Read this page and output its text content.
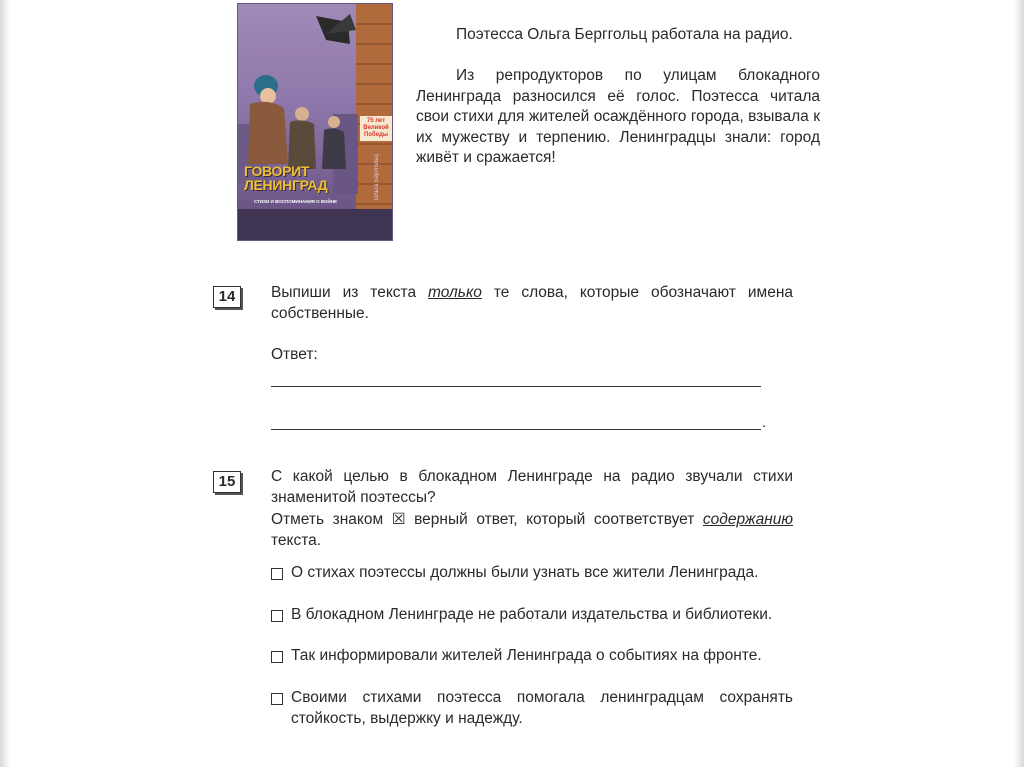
ГОВОРИТ
ЛЕНИНГРАД
СТИХИ И ВОСПОМИНАНИЯ О ВОЙНЕ
75 лет Великой Победы
Ольга Берггольц
Поэтесса Ольга Берггольц работала на радио.
Из репродукторов по улицам блокадного Ленинграда разносился её голос. Поэтесса читала свои стихи для жителей осаждённого города, взывала к их мужеству и терпению. Ленинградцы знали: город живёт и сражается!
14	Выпиши из текста только те слова, которые обозначают имена собственные.
Ответ:
.
15	С какой целью в блокадном Ленинграде на радио звучали стихи знаменитой поэтессы?
Отметь знаком ☒ верный ответ, который соответствует содержанию текста.
О стихах поэтессы должны были узнать все жители Ленинграда.
В блокадном Ленинграде не работали издательства и библиотеки.
Так информировали жителей Ленинграда о событиях на фронте.
Своими стихами поэтесса помогала ленинградцам сохранять стойкость, выдержку и надежду.
